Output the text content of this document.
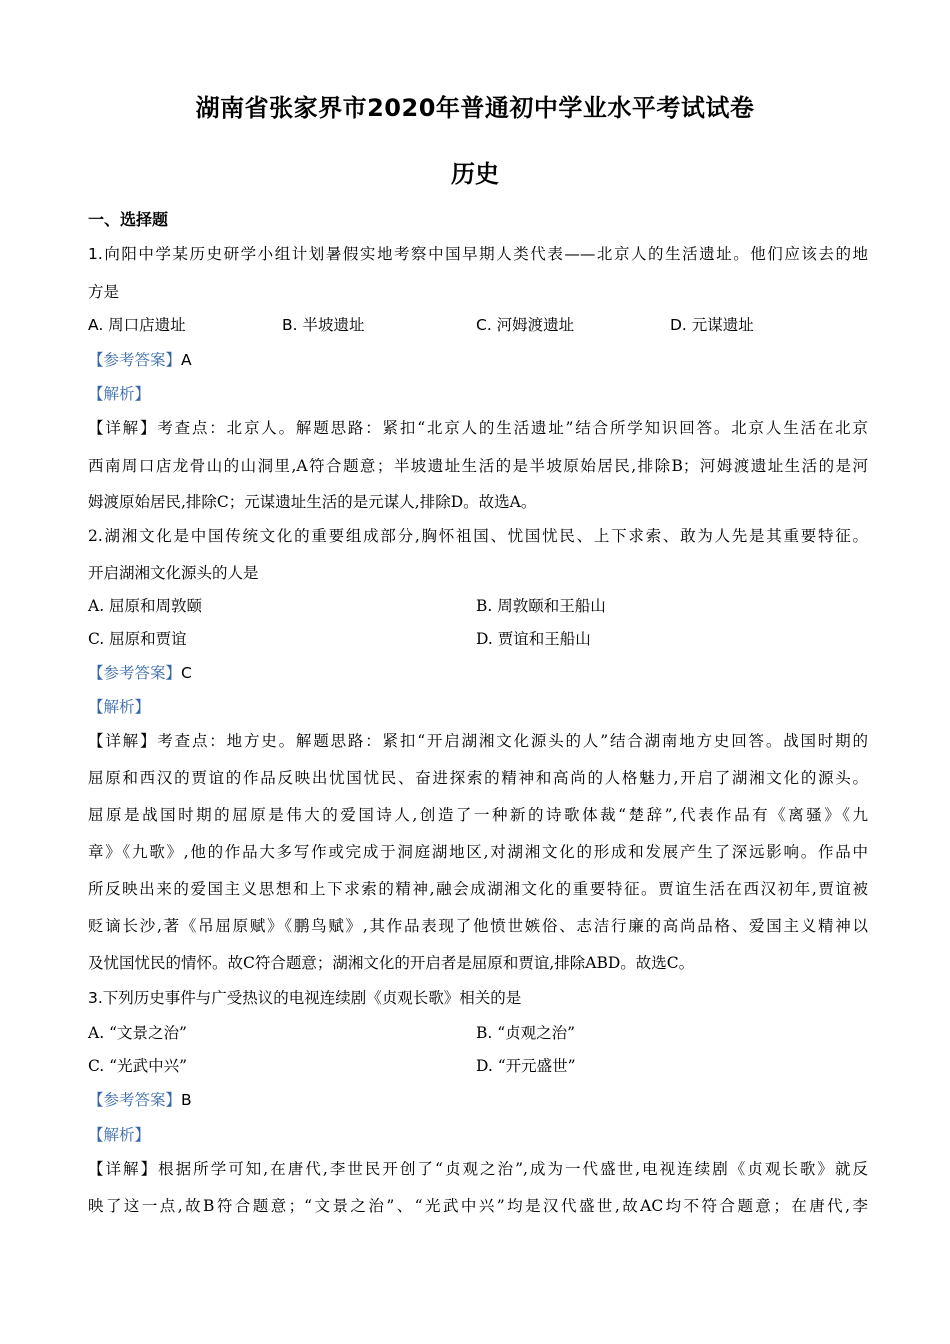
湖南省张家界市2020年普通初中学业水平考试试卷
历史
一、选择题
1.向阳中学某历史研学小组计划暑假实地考察中国早期人类代表——北京人的生活遗址。他们应该去的地
方是
A. 周口店遗址	B. 半坡遗址	C. 河姆渡遗址	D. 元谋遗址
【参考答案】A
【解析】
【详解】考查点：北京人。解题思路：紧扣“北京人的生活遗址”结合所学知识回答。北京人生活在北京
西南周口店龙骨山的山洞里,A符合题意；半坡遗址生活的是半坡原始居民,排除B；河姆渡遗址生活的是河
姆渡原始居民,排除C；元谋遗址生活的是元谋人,排除D。故选A。
2.湖湘文化是中国传统文化的重要组成部分,胸怀祖国、忧国忧民、上下求索、敢为人先是其重要特征。
开启湖湘文化源头的人是
A. 屈原和周敦颐	B. 周敦颐和王船山
C. 屈原和贾谊	D. 贾谊和王船山
【参考答案】C
【解析】
【详解】考查点：地方史。解题思路：紧扣“开启湖湘文化源头的人”结合湖南地方史回答。战国时期的
屈原和西汉的贾谊的作品反映出忧国忧民、奋进探索的精神和高尚的人格魅力,开启了湖湘文化的源头。
屈原是战国时期的屈原是伟大的爱国诗人,创造了一种新的诗歌体裁“楚辞”,代表作品有《离骚》《九
章》《九歌》,他的作品大多写作或完成于洞庭湖地区,对湖湘文化的形成和发展产生了深远影响。作品中
所反映出来的爱国主义思想和上下求索的精神,融会成湖湘文化的重要特征。贾谊生活在西汉初年,贾谊被
贬谪长沙,著《吊屈原赋》《鹏鸟赋》,其作品表现了他愤世嫉俗、志洁行廉的高尚品格、爱国主义精神以
及忧国忧民的情怀。故C符合题意；湖湘文化的开启者是屈原和贾谊,排除ABD。故选C。
3.下列历史事件与广受热议的电视连续剧《贞观长歌》相关的是
A. “文景之治”	B. “贞观之治”
C. “光武中兴”	D. “开元盛世”
【参考答案】B
【解析】
【详解】根据所学可知,在唐代,李世民开创了“贞观之治”,成为一代盛世,电视连续剧《贞观长歌》就反
映了这一点,故B符合题意；“文景之治”、“光武中兴”均是汉代盛世,故AC均不符合题意；在唐代,李
